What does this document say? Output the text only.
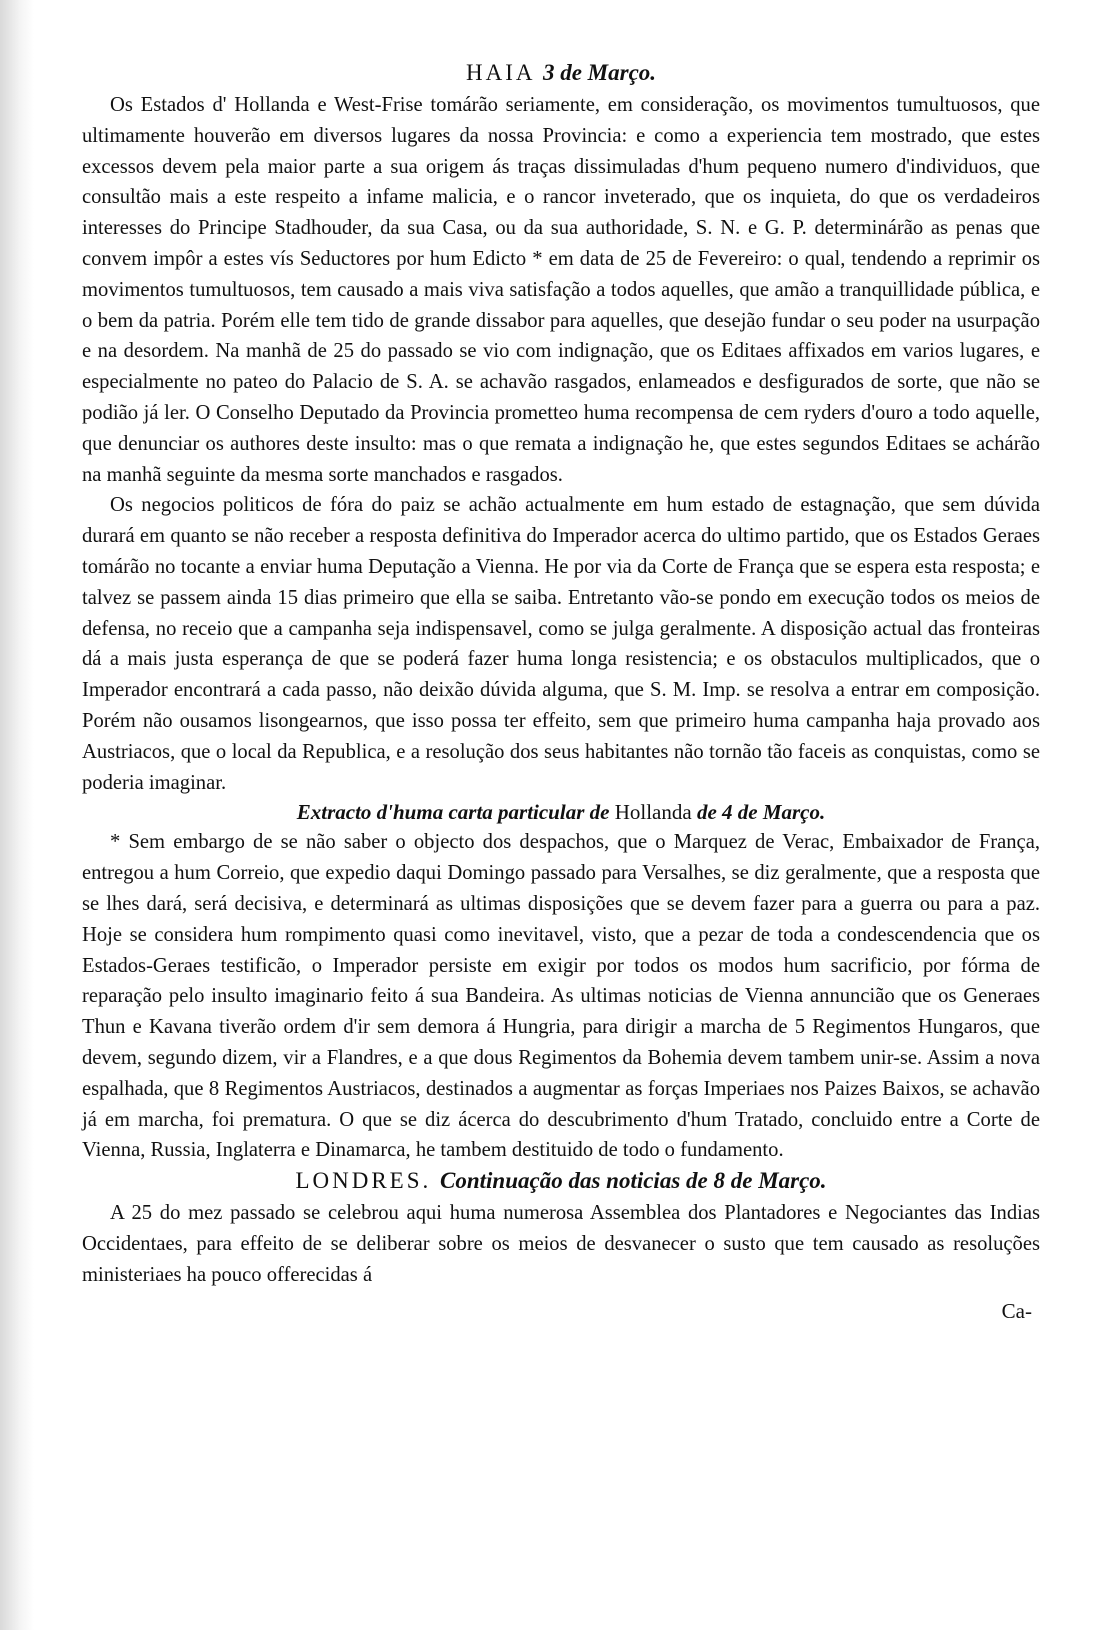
HAIA 3 de Março.

Os Estados d' Hollanda e West-Frise tomárão seriamente, em consideração, os movimentos tumultuosos, que ultimamente houverão em diversos lugares da nossa Provincia: e como a experiencia tem mostrado, que estes excessos devem pela maior parte a sua origem ás traças dissimuladas d'hum pequeno numero d'individuos, que consultão mais a este respeito a infame malicia, e o rancor inveterado, que os inquieta, do que os verdadeiros interesses do Principe Stadhouder, da sua Casa, ou da sua authoridade, S. N. e G. P. determinárão as penas que convem impôr a estes vís Seductores por hum Edicto * em data de 25 de Fevereiro: o qual, tendendo a reprimir os movimentos tumultuosos, tem causado a mais viva satisfação a todos aquelles, que amão a tranquillidade pública, e o bem da patria. Porém elle tem tido de grande dissabor para aquelles, que desejão fundar o seu poder na usurpação e na desordem. Na manhã de 25 do passado se vio com indignação, que os Editaes affixados em varios lugares, e especialmente no pateo do Palacio de S. A. se achavão rasgados, enlameados e desfigurados de sorte, que não se podião já ler. O Conselho Deputado da Provincia prometteo huma recompensa de cem ryders d'ouro a todo aquelle, que denunciar os authores deste insulto: mas o que remata a indignação he, que estes segundos Editaes se achárão na manhã seguinte da mesma sorte manchados e rasgados.

Os negocios politicos de fóra do paiz se achão actualmente em hum estado de estagnação, que sem dúvida durará em quanto se não receber a resposta definitiva do Imperador acerca do ultimo partido, que os Estados Geraes tomárão no tocante a enviar huma Deputação a Vienna. He por via da Corte de França que se espera esta resposta; e talvez se passem ainda 15 dias primeiro que ella se saiba. Entretanto vão-se pondo em execução todos os meios de defensa, no receio que a campanha seja indispensavel, como se julga geralmente. A disposição actual das fronteiras dá a mais justa esperança de que se poderá fazer huma longa resistencia; e os obstaculos multiplicados, que o Imperador encontrará a cada passo, não deixão dúvida alguma, que S. M. Imp. se resolva a entrar em composição. Porém não ousamos lisongearnos, que isso possa ter effeito, sem que primeiro huma campanha haja provado aos Austriacos, que o local da Republica, e a resolução dos seus habitantes não tornão tão faceis as conquistas, como se poderia imaginar.

Extracto d'huma carta particular de Hollanda de 4 de Março.

* Sem embargo de se não saber o objecto dos despachos, que o Marquez de Verac, Embaixador de França, entregou a hum Correio, que expedio daqui Domingo passado para Versalhes, se diz geralmente, que a resposta que se lhes dará, será decisiva, e determinará as ultimas disposições que se devem fazer para a guerra ou para a paz. Hoje se considera hum rompimento quasi como inevitavel, visto, que a pezar de toda a condescendencia que os Estados-Geraes testificão, o Imperador persiste em exigir por todos os modos hum sacrificio, por fórma de reparação pelo insulto imaginario feito á sua Bandeira. As ultimas noticias de Vienna annuncião que os Generaes Thun e Kavana tiverão ordem d'ir sem demora á Hungria, para dirigir a marcha de 5 Regimentos Hungaros, que devem, segundo dizem, vir a Flandres, e a que dous Regimentos da Bohemia devem tambem unir-se. Assim a nova espalhada, que 8 Regimentos Austriacos, destinados a augmentar as forças Imperiaes nos Paizes Baixos, se achavão já em marcha, foi prematura. O que se diz ácerca do descubrimento d'hum Tratado, concluido entre a Corte de Vienna, Russia, Inglaterra e Dinamarca, he tambem destituido de todo o fundamento.

LONDRES. Continuação das noticias de 8 de Março.

A 25 do mez passado se celebrou aqui huma numerosa Assemblea dos Plantadores e Negociantes das Indias Occidentaes, para effeito de se deliberar sobre os meios de desvanecer o susto que tem causado as resoluções ministeriaes ha pouco offerecidas á

Ca-
